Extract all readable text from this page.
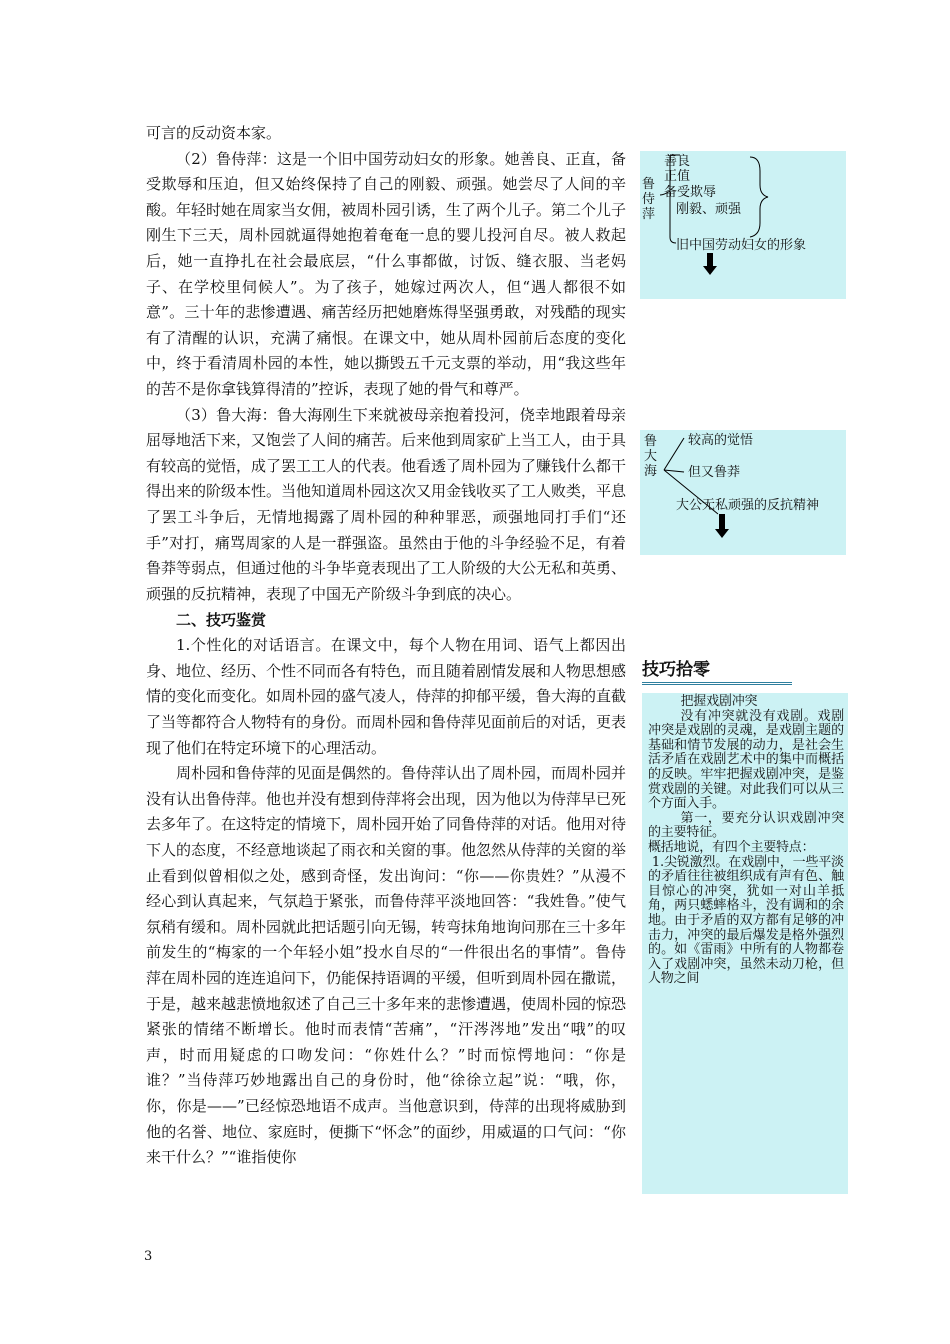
可言的反动资本家。

（2）鲁侍萍：这是一个旧中国劳动妇女的形象。她善良、正直，备受欺辱和压迫，但又始终保持了自己的刚毅、顽强。她尝尽了人间的辛酸。年轻时她在周家当女佣，被周朴园引诱，生了两个儿子。第二个儿子刚生下三天，周朴园就逼得她抱着奄奄一息的婴儿投河自尽。被人救起后，她一直挣扎在社会最底层，“什么事都做，讨饭、缝衣服、当老妈子、在学校里伺候人”。为了孩子，她嫁过两次人，但“遇人都很不如意”。三十年的悲惨遭遇、痛苦经历把她磨炼得坚强勇敢，对残酷的现实有了清醒的认识，充满了痛恨。在课文中，她从周朴园前后态度的变化中，终于看清周朴园的本性，她以撕毁五千元支票的举动，用“我这些年的苦不是你拿钱算得清的”控诉，表现了她的骨气和尊严。

（3）鲁大海：鲁大海刚生下来就被母亲抱着投河，侥幸地跟着母亲屈辱地活下来，又饱尝了人间的痛苦。后来他到周家矿上当工人，由于具有较高的觉悟，成了罢工工人的代表。他看透了周朴园为了赚钱什么都干得出来的阶级本性。当他知道周朴园这次又用金钱收买了工人败类，平息了罢工斗争后，无情地揭露了周朴园的种种罪恶，顽强地同打手们“还手”对打，痛骂周家的人是一群强盗。虽然由于他的斗争经验不足，有着鲁莽等弱点，但通过他的斗争毕竟表现出了工人阶级的大公无私和英勇、顽强的反抗精神，表现了中国无产阶级斗争到底的决心。

二、技巧鉴赏

1.个性化的对话语言。在课文中，每个人物在用词、语气上都因出身、地位、经历、个性不同而各有特色，而且随着剧情发展和人物思想感情的变化而变化。如周朴园的盛气凌人，侍萍的抑郁平缓，鲁大海的直截了当等都符合人物特有的身份。而周朴园和鲁侍萍见面前后的对话，更表现了他们在特定环境下的心理活动。

周朴园和鲁侍萍的见面是偶然的。鲁侍萍认出了周朴园，而周朴园并没有认出鲁侍萍。他也并没有想到侍萍将会出现，因为他以为侍萍早已死去多年了。在这特定的情境下，周朴园开始了同鲁侍萍的对话。他用对待下人的态度，不经意地谈起了雨衣和关窗的事。他忽然从侍萍的关窗的举止看到似曾相似之处，感到奇怪，发出询问：“你——你贵姓？”从漫不经心到认真起来，气氛趋于紧张，而鲁侍萍平淡地回答：“我姓鲁。”使气氛稍有缓和。周朴园就此把话题引向无锡，转弯抹角地询问那在三十多年前发生的“梅家的一个年轻小姐”投水自尽的“一件很出名的事情”。鲁侍萍在周朴园的连连追问下，仍能保持语调的平缓，但听到周朴园在撒谎，于是，越来越悲愤地叙述了自己三十多年来的悲惨遭遇，使周朴园的惊恐紧张的情绪不断增长。他时而表情“苦痛”，“汗涔涔地”发出“哦”的叹声，时而用疑虑的口吻发问：“你姓什么？”时而惊愕地问：“你是谁？”当侍萍巧妙地露出自己的身份时，他“徐徐立起”说：“哦，你，你，你是——”已经惊恐地语不成声。当他意识到，侍萍的出现将威胁到他的名誉、地位、家庭时，便撕下“怀念”的面纱，用威逼的口气问：“你来干什么？”“谁指使你

鲁侍萍
善良
正值
备受欺辱
刚毅、顽强
旧中国劳动妇女的形象
鲁大海
较高的觉悟
但又鲁莽
大公无私顽强的反抗精神
技巧拾零

把握戏剧冲突

没有冲突就没有戏剧。戏剧冲突是戏剧的灵魂，是戏剧主题的基础和情节发展的动力，是社会生活矛盾在戏剧艺术中的集中而概括的反映。牢牢把握戏剧冲突，是鉴赏戏剧的关键。对此我们可以从三个方面入手。

第一，要充分认识戏剧冲突的主要特征。

概括地说，有四个主要特点：

1.尖锐激烈。在戏剧中，一些平淡的矛盾往往被组织成有声有色、触目惊心的冲突，犹如一对山羊抵角，两只蟋蟀格斗，没有调和的余地。由于矛盾的双方都有足够的冲击力，冲突的最后爆发是格外强烈的。如《雷雨》中所有的人物都卷入了戏剧冲突，虽然未动刀枪，但人物之间

3
